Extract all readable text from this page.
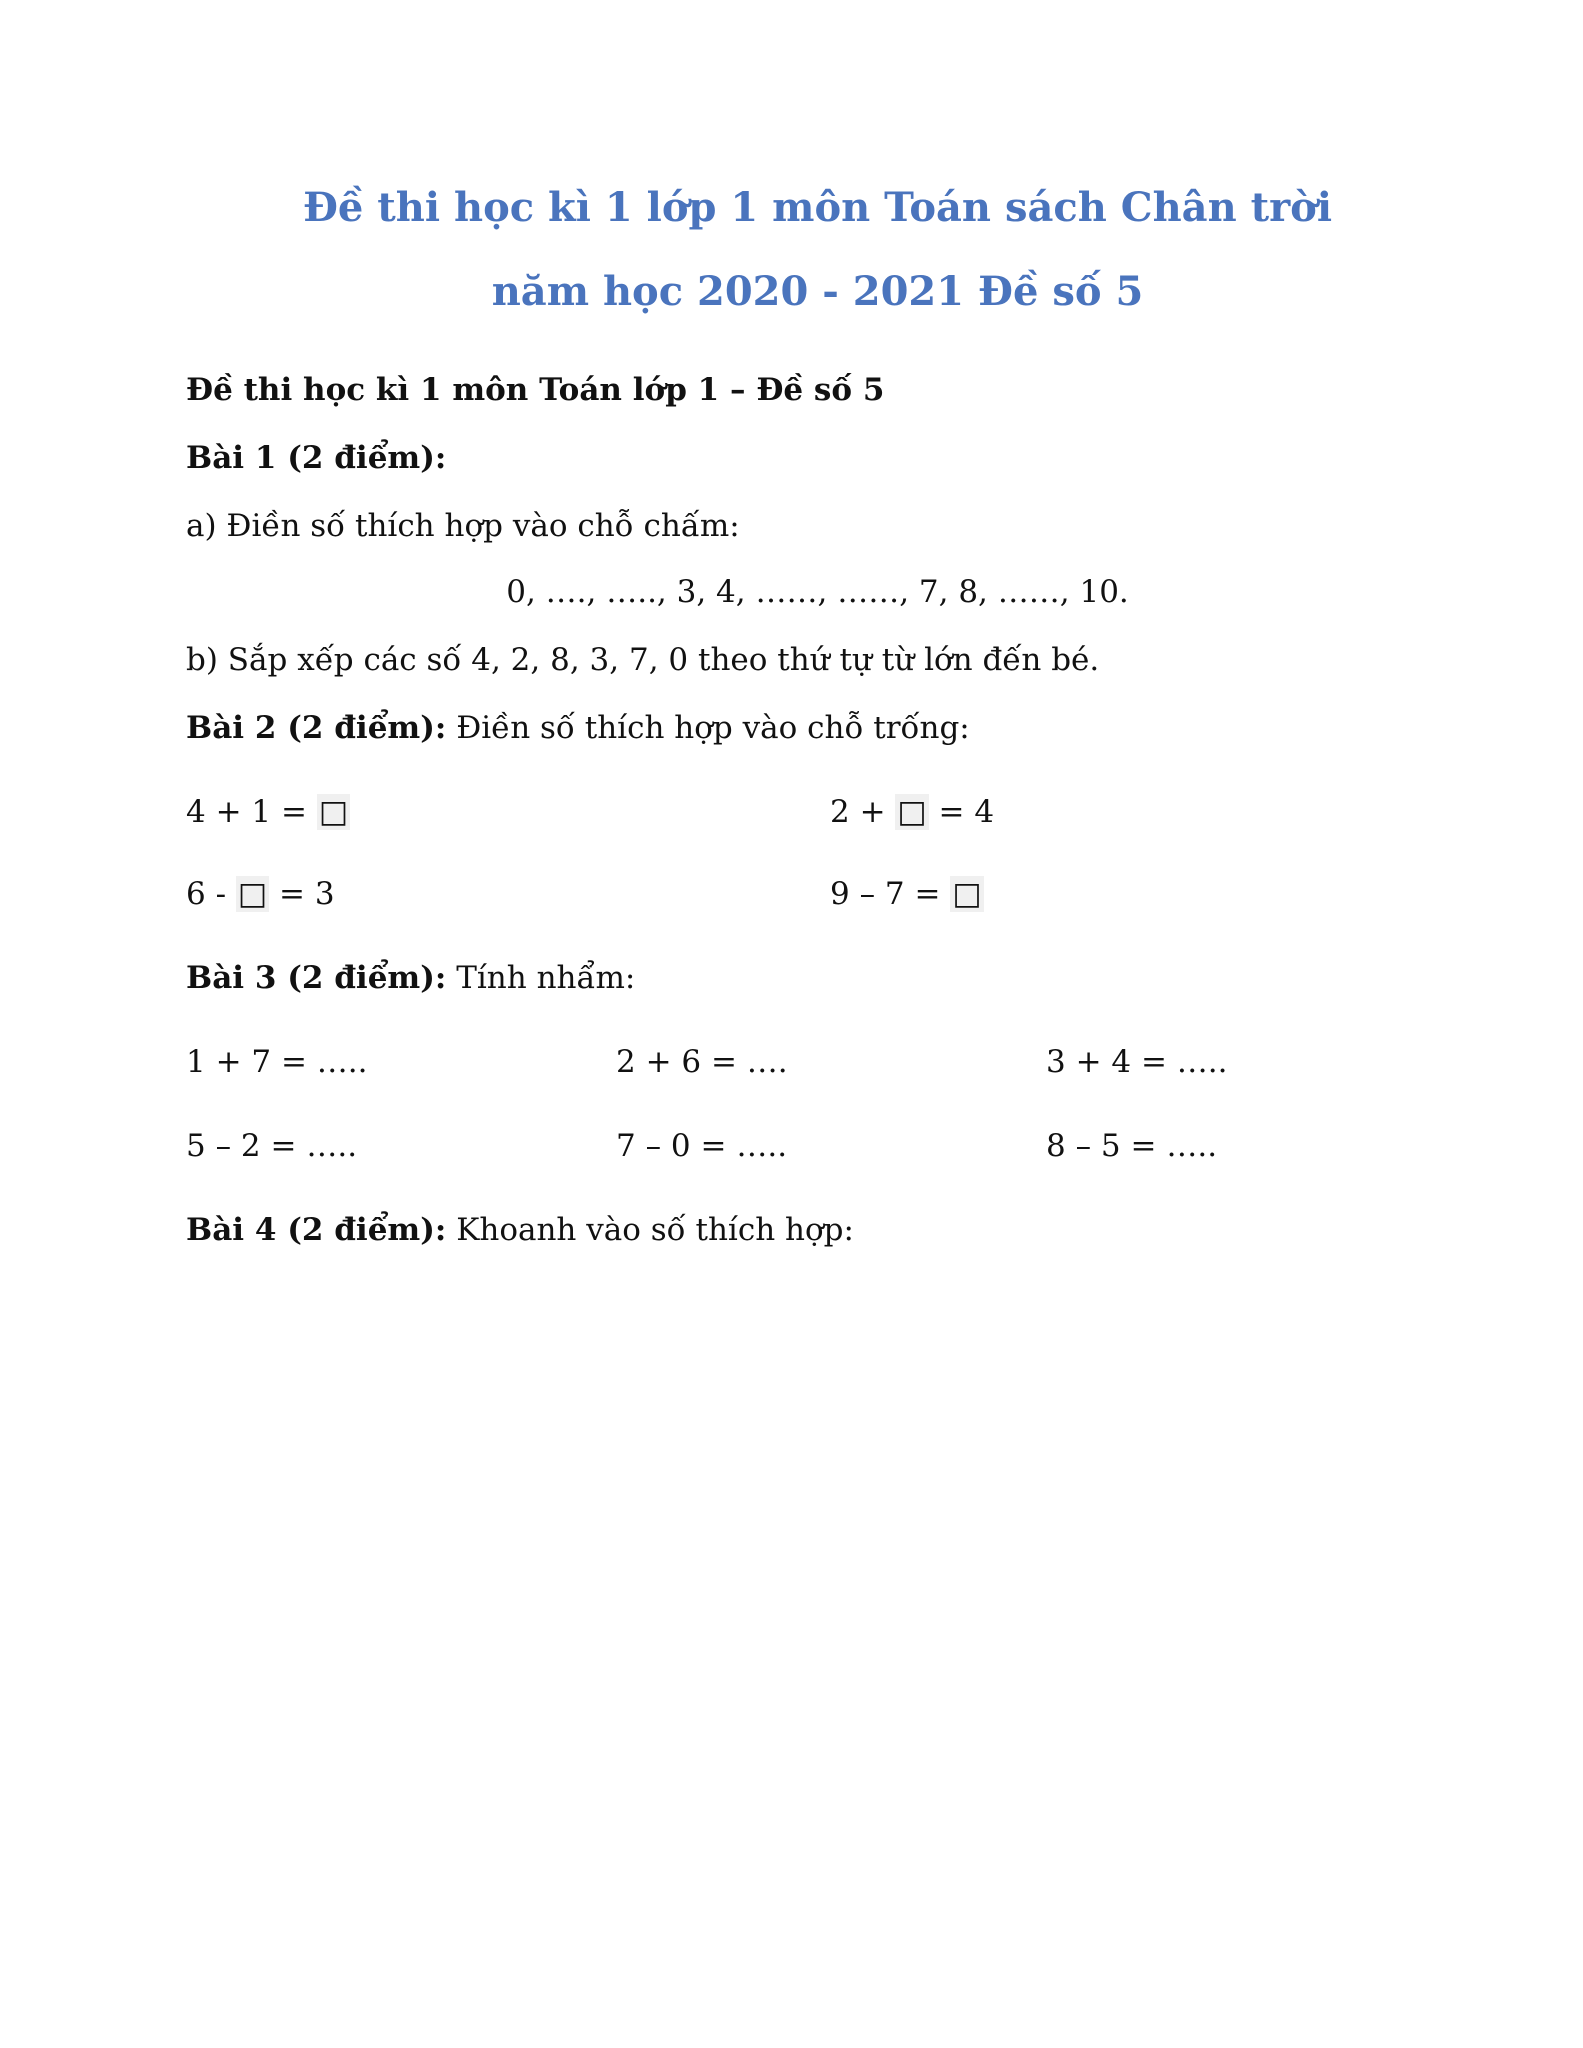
Đề thi học kì 1 lớp 1 môn Toán sách Chân trời
năm học 2020 - 2021 Đề số 5
Đề thi học kì 1 môn Toán lớp 1 – Đề số 5
Bài 1 (2 điểm):
a) Điền số thích hợp vào chỗ chấm:
0, …., ….., 3, 4, ……, ……, 7, 8, ……, 10.
b) Sắp xếp các số 4, 2, 8, 3, 7, 0 theo thứ tự từ lớn đến bé.
Bài 2 (2 điểm): Điền số thích hợp vào chỗ trống:
4 + 1 = □	2 + □ = 4
6 - □ = 3	9 – 7 = □
Bài 3 (2 điểm): Tính nhẩm:
1 + 7 = …..	2 + 6 = ….	3 + 4 = …..
5 – 2 = …..	7 – 0 = …..	8 – 5 = …..
Bài 4 (2 điểm): Khoanh vào số thích hợp:
